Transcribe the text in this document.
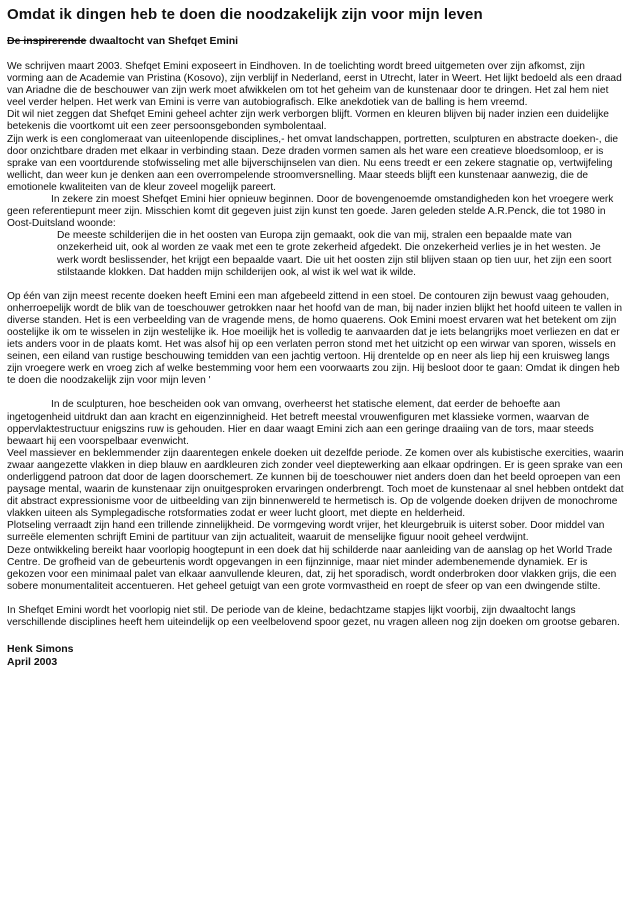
Omdat ik dingen heb te doen die noodzakelijk zijn voor mijn leven
De inspirerende dwaaltocht van Shefqet Emini

We schrijven maart 2003. Shefqet Emini exposeert in Eindhoven. In de toelichting wordt breed uitgemeten over zijn afkomst, zijn vorming aan de Academie van Pristina (Kosovo), zijn verblijf in Nederland, eerst in Utrecht, later in Weert. Het lijkt bedoeld als een draad van Ariadne die de beschouwer van zijn werk moet afwikkelen om tot het geheim van de kunstenaar door te dringen. Het zal hem niet veel verder helpen. Het werk van Emini is verre van autobiografisch. Elke anekdotiek van de balling is hem vreemd.

Dit wil niet zeggen dat Shefqet Emini geheel achter zijn werk verborgen blijft. Vormen en kleuren blijven bij nader inzien een duidelijke betekenis die voortkomt uit een zeer persoonsgebonden symbolentaal.

Zijn werk is een conglomeraat van uiteenlopende disciplines,- het omvat landschappen, portretten, sculpturen en abstracte doeken-, die door onzichtbare draden met elkaar in verbinding staan. Deze draden vormen samen als het ware een creatieve bloedsomloop, er is sprake van een voortdurende stofwisseling met alle bijverschijnselen van dien. Nu eens treedt er een zekere stagnatie op, vertwijfeling wellicht, dan weer kun je denken aan een overrompelende stroomversnelling. Maar steeds blijft een kunstenaar aanwezig, die de emotionele kwaliteiten van de kleur zoveel mogelijk pareert.

In zekere zin moest Shefqet Emini hier opnieuw beginnen. Door de bovengenoemde omstandigheden kon het vroegere werk geen referentiepunt meer zijn. Misschien komt dit gegeven juist zijn kunst ten goede. Jaren geleden stelde A.R.Penck, die tot 1980 in Oost-Duitsland woonde:

De meeste schilderijen die in het oosten van Europa zijn gemaakt, ook die van mij, stralen een bepaalde mate van onzekerheid uit, ook al worden ze vaak met een te grote zekerheid afgedekt. Die onzekerheid verlies je in het westen. Je werk wordt beslissender, het krijgt een bepaalde vaart. Die uit het oosten zijn stil blijven staan op tien uur, het zijn een soort stilstaande klokken. Dat hadden mijn schilderijen ook, al wist ik wel wat ik wilde.

Op één van zijn meest recente doeken heeft Emini een man afgebeeld zittend in een stoel. De contouren zijn bewust vaag gehouden, onherroepelijk wordt de blik van de toeschouwer getrokken naar het hoofd van de man, bij nader inzien blijkt het hoofd uiteen te vallen in diverse standen. Het is een verbeelding van de vragende mens, de homo quaerens. Ook Emini moest ervaren wat het betekent om zijn oostelijke ik om te wisselen in zijn westelijke ik. Hoe moeilijk het is volledig te aanvaarden dat je iets belangrijks moet verliezen en dat er iets anders voor in de plaats komt. Het was alsof hij op een verlaten perron stond met het uitzicht op een wirwar van sporen, wissels en seinen, een eiland van rustige beschouwing temidden van een jachtig vertoon. Hij drentelde op en neer als liep hij een kruisweg langs zijn vroegere werk en vroeg zich af welke bestemming voor hem een voorwaarts zou zijn. Hij besloot door te gaan: Omdat ik dingen heb te doen die noodzakelijk zijn voor mijn leven '

In de sculpturen, hoe bescheiden ook van omvang, overheerst het statische element, dat eerder de behoefte aan ingetogenheid uitdrukt dan aan kracht en eigenzinnigheid. Het betreft meestal vrouwenfiguren met klassieke vormen, waarvan de oppervlaktestructuur enigszins ruw is gehouden. Hier en daar waagt Emini zich aan een geringe draaiing van de tors, maar steeds bewaart hij een voorspelbaar evenwicht.

Veel massiever en beklemmender zijn daarentegen enkele doeken uit dezelfde periode. Ze komen over als kubistische exercities, waarin zwaar aangezette vlakken in diep blauw en aardkleuren zich zonder veel dieptewerking aan elkaar opdringen. Er is geen sprake van een onderliggend patroon dat door de lagen doorschemert. Ze kunnen bij de toeschouwer niet anders doen dan het beeld oproepen van een paysage mental, waarin de kunstenaar zijn onuitgesproken ervaringen onderbrengt. Toch moet de kunstenaar al snel hebben ontdekt dat dit abstract expressionisme voor de uitbeelding van zijn binnenwereld te hermetisch is. Op de volgende doeken drijven de monochrome vlakken uiteen als Symplegadische rotsformaties zodat er weer lucht gloort, met diepte en helderheid.

Plotseling verraadt zijn hand een trillende zinnelijkheid. De vormgeving wordt vrijer, het kleurgebruik is uiterst sober. Door middel van surreële elementen schrijft Emini de partituur van zijn actualiteit, waaruit de menselijke figuur nooit geheel verdwijnt.

Deze ontwikkeling bereikt haar voorlopig hoogtepunt in een doek dat hij schilderde naar aanleiding van de aanslag op het World Trade Centre. De grofheid van de gebeurtenis wordt opgevangen in een fijnzinnige, maar niet minder adembenemende dynamiek. Er is gekozen voor een minimaal palet van elkaar aanvullende kleuren, dat, zij het sporadisch, wordt onderbroken door vlakken grijs, die een sobere monumentaliteit accentueren. Het geheel getuigt van een grote vormvastheid en roept de sfeer op van een dwingende stilte.

In Shefqet Emini wordt het voorlopig niet stil. De periode van de kleine, bedachtzame stapjes lijkt voorbij, zijn dwaaltocht langs verschillende disciplines heeft hem uiteindelijk op een veelbelovend spoor gezet, nu vragen alleen nog zijn doeken om grootse gebaren.

Henk Simons
April 2003
